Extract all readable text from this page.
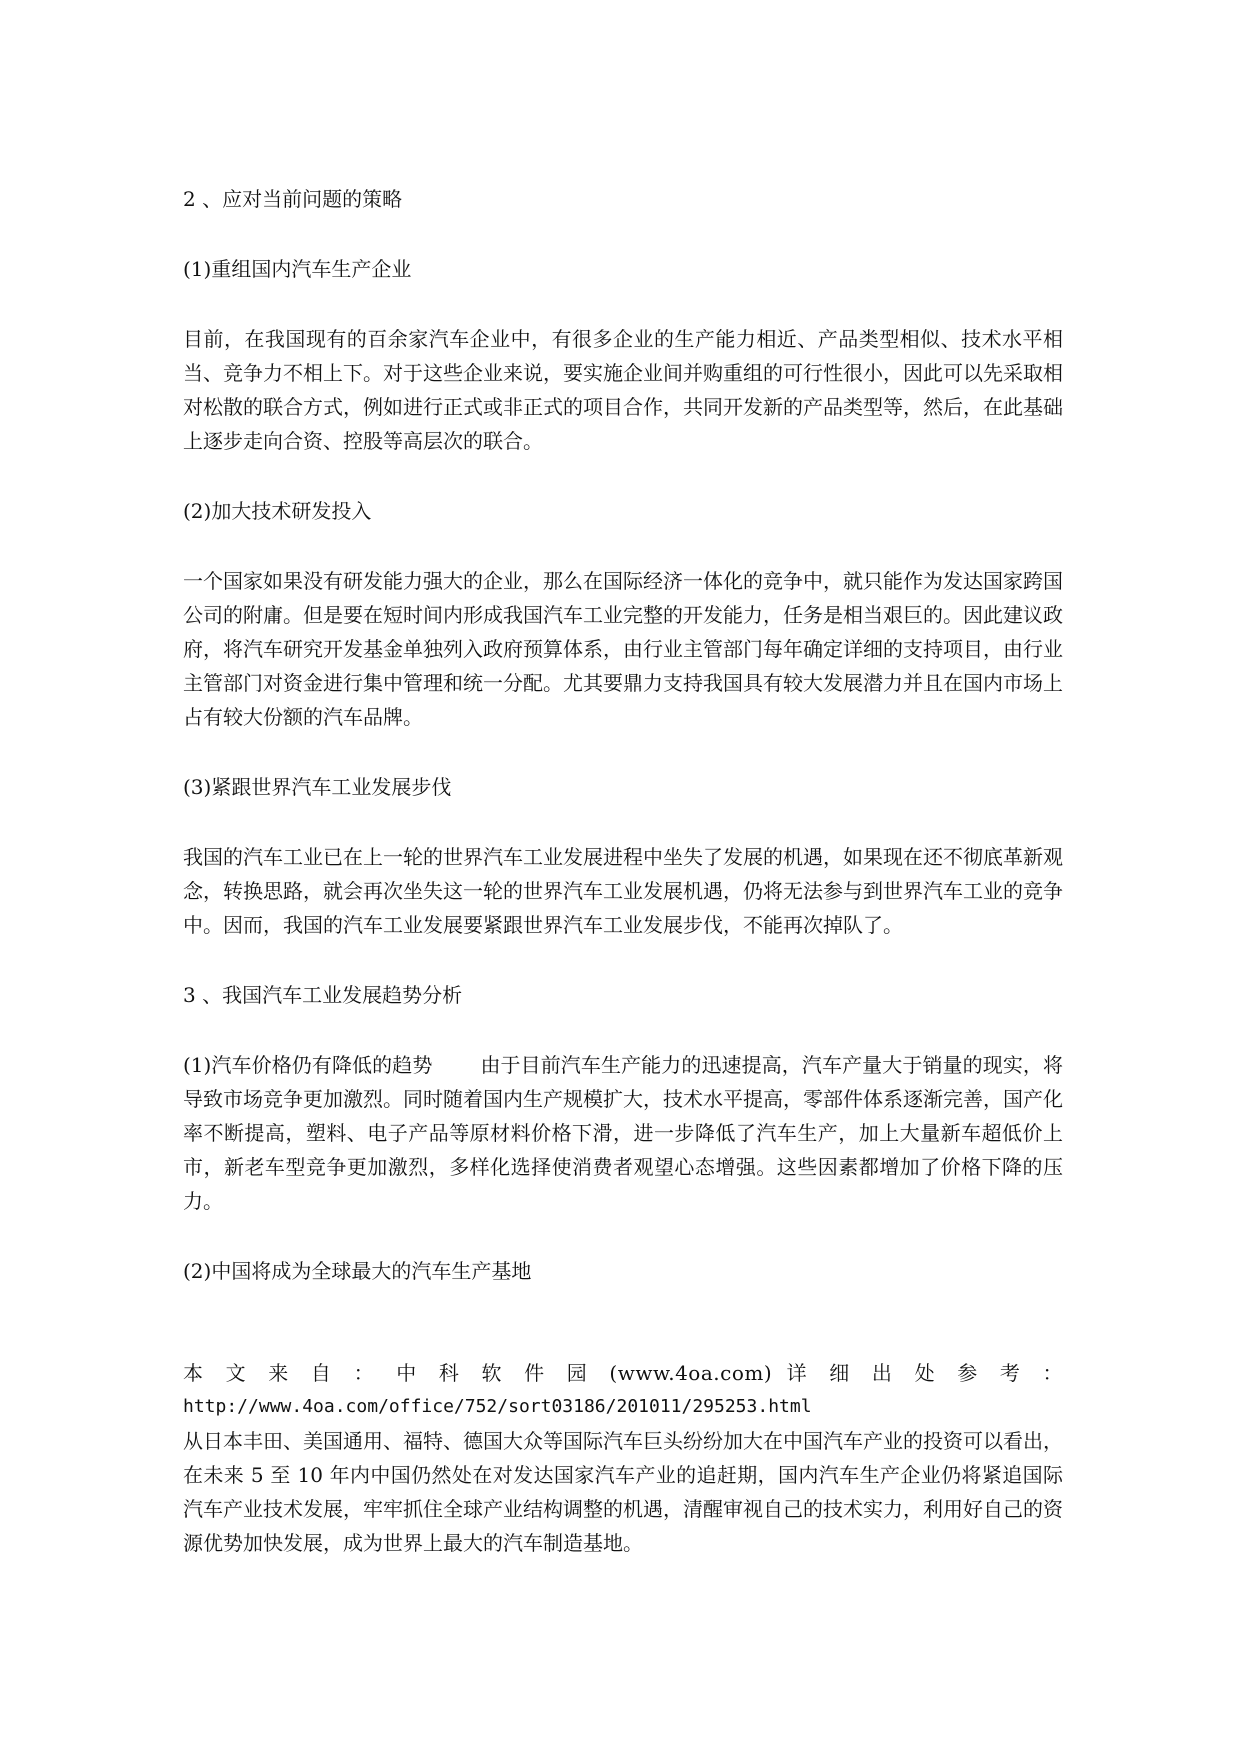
2 、应对当前问题的策略

(1)重组国内汽车生产企业

目前，在我国现有的百余家汽车企业中，有很多企业的生产能力相近、产品类型相似、技术水平相当、竞争力不相上下。对于这些企业来说，要实施企业间并购重组的可行性很小，因此可以先采取相对松散的联合方式，例如进行正式或非正式的项目合作，共同开发新的产品类型等，然后，在此基础上逐步走向合资、控股等高层次的联合。

(2)加大技术研发投入

一个国家如果没有研发能力强大的企业，那么在国际经济一体化的竞争中，就只能作为发达国家跨国公司的附庸。但是要在短时间内形成我国汽车工业完整的开发能力，任务是相当艰巨的。因此建议政府，将汽车研究开发基金单独列入政府预算体系，由行业主管部门每年确定详细的支持项目，由行业主管部门对资金进行集中管理和统一分配。尤其要鼎力支持我国具有较大发展潜力并且在国内市场上占有较大份额的汽车品牌。

(3)紧跟世界汽车工业发展步伐

我国的汽车工业已在上一轮的世界汽车工业发展进程中坐失了发展的机遇，如果现在还不彻底革新观念，转换思路，就会再次坐失这一轮的世界汽车工业发展机遇，仍将无法参与到世界汽车工业的竞争中。因而，我国的汽车工业发展要紧跟世界汽车工业发展步伐，不能再次掉队了。

3 、我国汽车工业发展趋势分析

(1)汽车价格仍有降低的趋势 由于目前汽车生产能力的迅速提高，汽车产量大于销量的现实，将导致市场竞争更加激烈。同时随着国内生产规模扩大，技术水平提高，零部件体系逐渐完善，国产化率不断提高，塑料、电子产品等原材料价格下滑，进一步降低了汽车生产，加上大量新车超低价上市，新老车型竞争更加激烈，多样化选择使消费者观望心态增强。这些因素都增加了价格下降的压力。

(2)中国将成为全球最大的汽车生产基地

本 文 来 自 ： 中 科 软 件 园 (www.4oa.com) 详 细 出 处 参 考 ：

http://www.4oa.com/office/752/sort03186/201011/295253.html

从日本丰田、美国通用、福特、德国大众等国际汽车巨头纷纷加大在中国汽车产业的投资可以看出，在未来 5 至 10 年内中国仍然处在对发达国家汽车产业的追赶期，国内汽车生产企业仍将紧追国际汽车产业技术发展，牢牢抓住全球产业结构调整的机遇，清醒审视自己的技术实力，利用好自己的资源优势加快发展，成为世界上最大的汽车制造基地。
